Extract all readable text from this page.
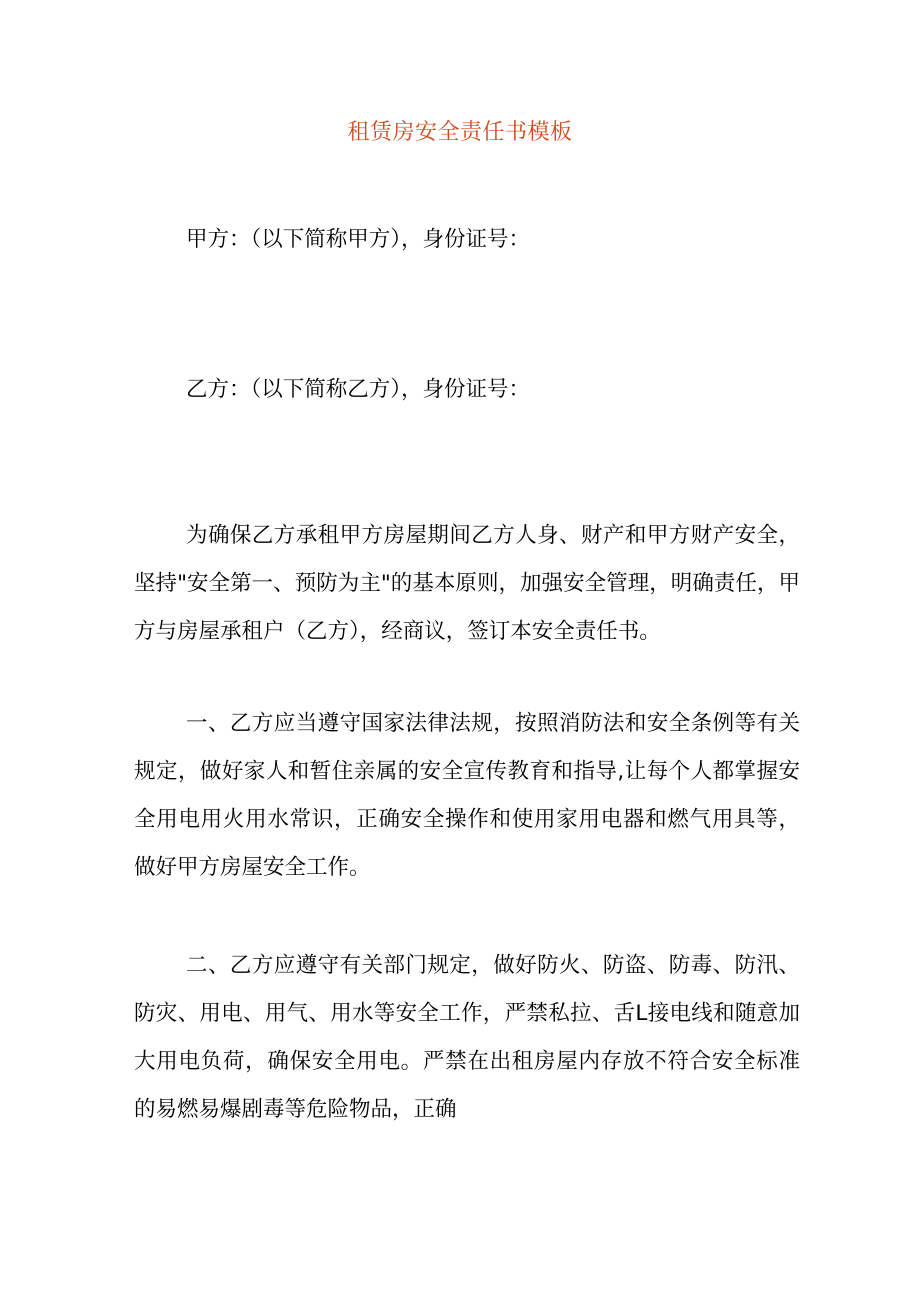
租赁房安全责任书模板
甲方：（以下简称甲方），身份证号：
乙方：（以下简称乙方），身份证号：

为确保乙方承租甲方房屋期间乙方人身、财产和甲方财产安全，坚持"安全第一、预防为主"的基本原则，加强安全管理，明确责任，甲方与房屋承租户（乙方），经商议，签订本安全责任书。

一、乙方应当遵守国家法律法规，按照消防法和安全条例等有关规定，做好家人和暂住亲属的安全宣传教育和指导,让每个人都掌握安全用电用火用水常识，正确安全操作和使用家用电器和燃气用具等，做好甲方房屋安全工作。

二、乙方应遵守有关部门规定，做好防火、防盗、防毒、防汛、防灾、用电、用气、用水等安全工作，严禁私拉、舌L接电线和随意加大用电负荷，确保安全用电。严禁在出租房屋内存放不符合安全标准的易燃易爆剧毒等危险物品，正确
